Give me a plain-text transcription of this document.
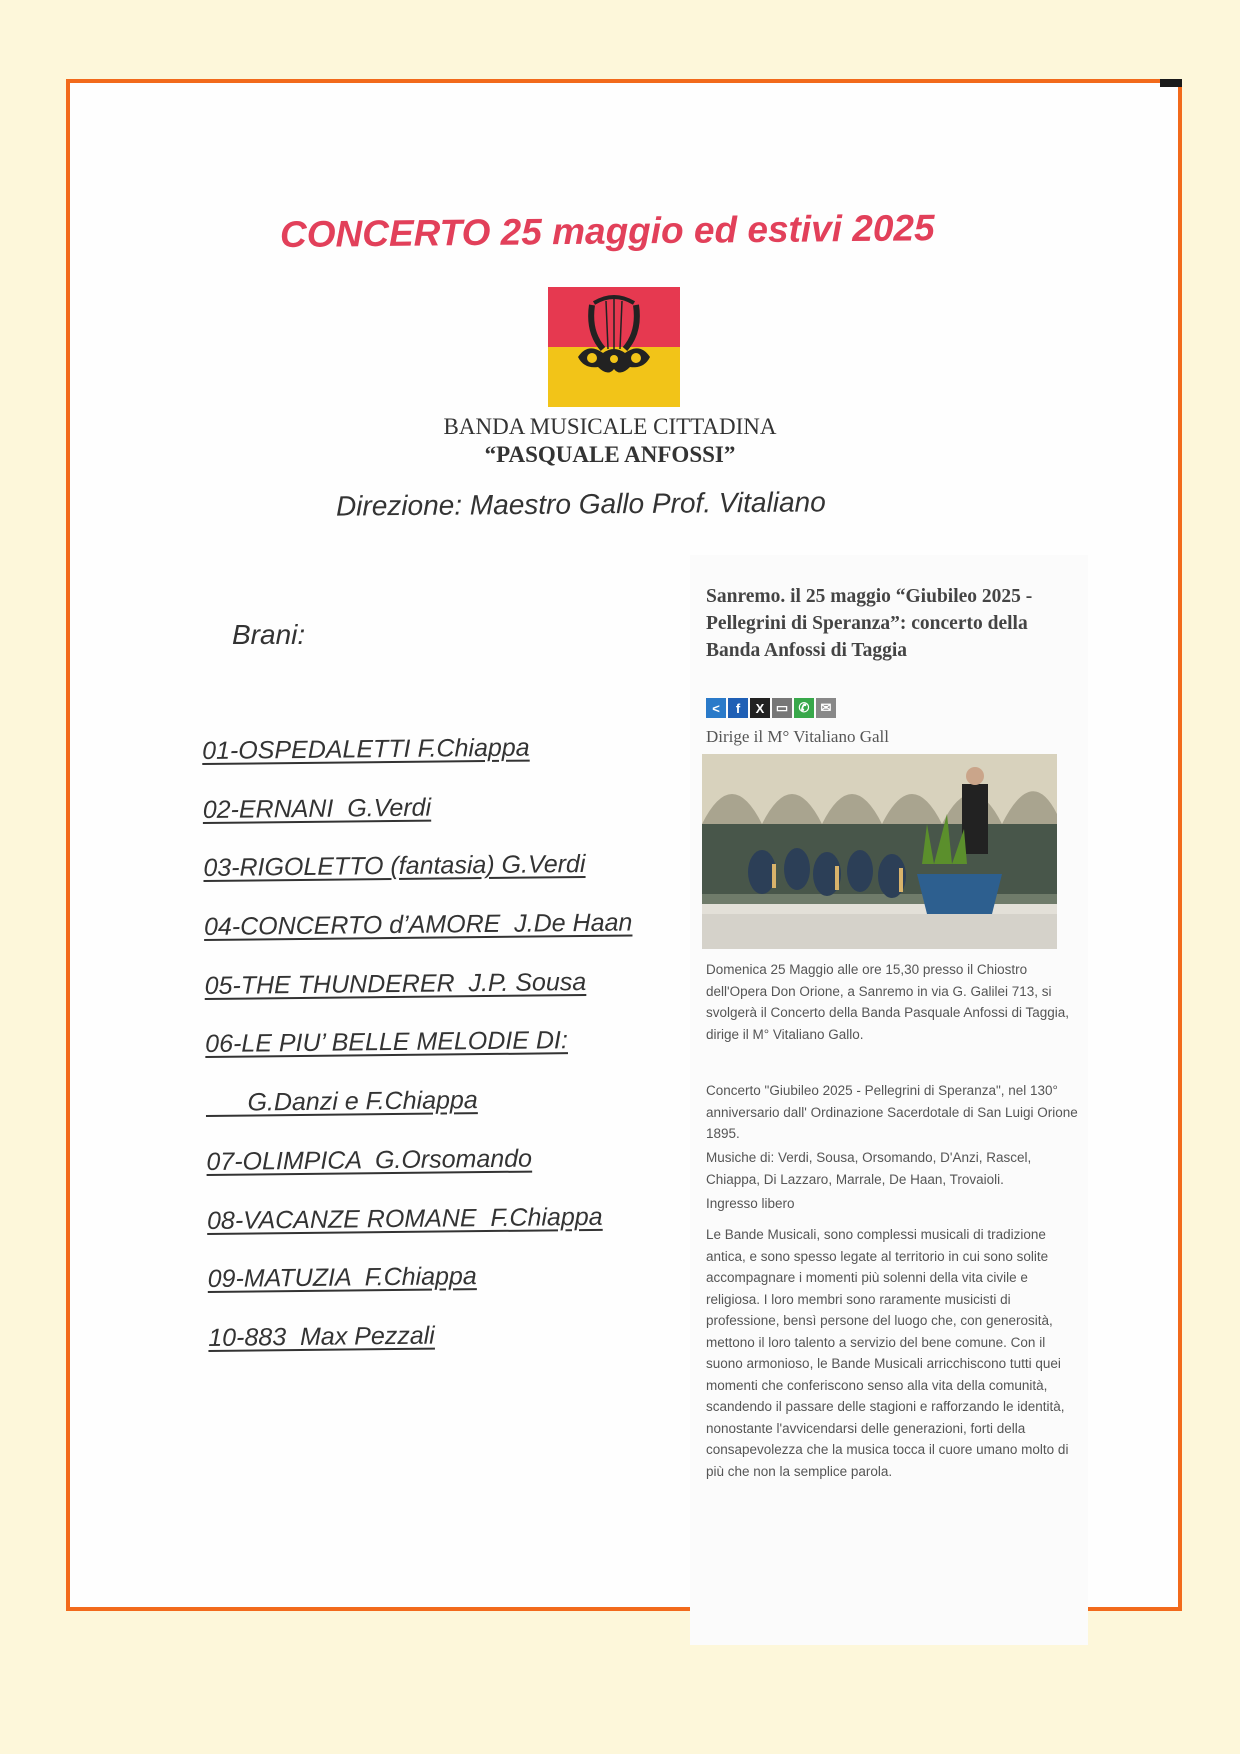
CONCERTO 25 maggio ed estivi 2025
BANDA MUSICALE CITTADINA
“PASQUALE ANFOSSI”
Direzione: Maestro Gallo Prof. Vitaliano
Brani:
01-OSPEDALETTI F.Chiappa
02-ERNANI  G.Verdi
03-RIGOLETTO (fantasia) G.Verdi
04-CONCERTO d’AMORE  J.De Haan
05-THE THUNDERER  J.P. Sousa
06-LE PIU’ BELLE MELODIE DI:
G.Danzi e F.Chiappa
07-OLIMPICA  G.Orsomando
08-VACANZE ROMANE  F.Chiappa
09-MATUZIA  F.Chiappa
10-883  Max Pezzali
Sanremo. il 25 maggio “Giubileo 2025 - Pellegrini di Speranza”: concerto della Banda Anfossi di Taggia
<	f	X ▭ ✆ ✉
Dirige il M° Vitaliano Gall
Domenica 25 Maggio alle ore 15,30 presso il Chiostro dell'Opera Don Orione, a Sanremo in via G. Galilei 713, si svolgerà il Concerto della Banda Pasquale Anfossi di Taggia, dirige il M° Vitaliano Gallo.
Concerto "Giubileo 2025 - Pellegrini di Speranza", nel 130° anniversario dall' Ordinazione Sacerdotale di San Luigi Orione 1895.
Musiche di: Verdi, Sousa, Orsomando, D'Anzi, Rascel, Chiappa, Di Lazzaro, Marrale, De Haan, Trovaioli.
Ingresso libero
Le Bande Musicali, sono complessi musicali di tradizione antica, e sono spesso legate al territorio in cui sono solite accompagnare i momenti più solenni della vita civile e religiosa. I loro membri sono raramente musicisti di professione, bensì persone del luogo che, con generosità, mettono il loro talento a servizio del bene comune. Con il suono armonioso, le Bande Musicali arricchiscono tutti quei momenti che conferiscono senso alla vita della comunità, scandendo il passare delle stagioni e rafforzando le identità, nonostante l'avvicendarsi delle generazioni, forti della consapevolezza che la musica tocca il cuore umano molto di più che non la semplice parola.
